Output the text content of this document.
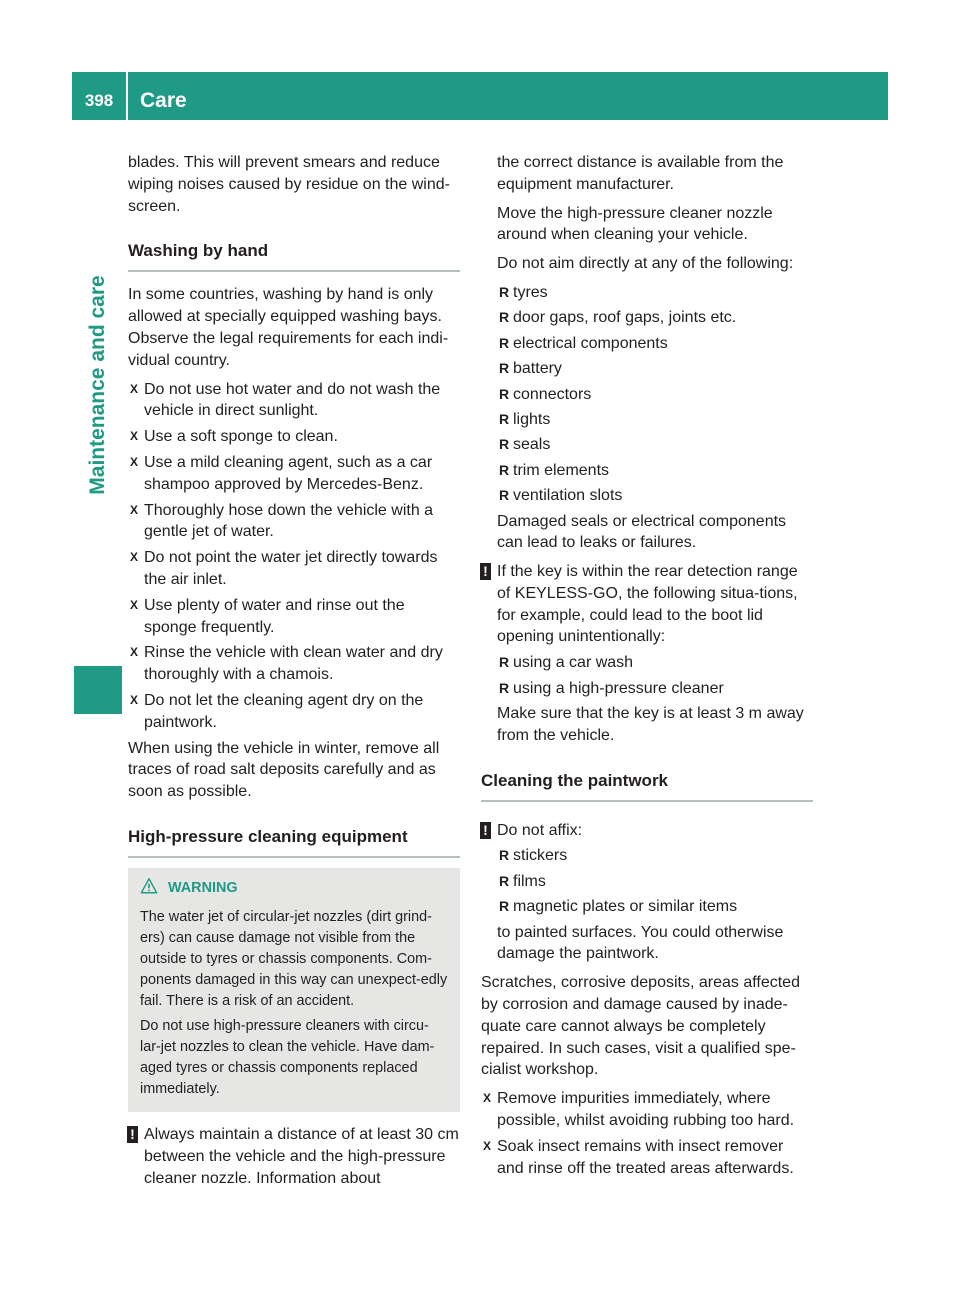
398	Care
Maintenance and care

blades. This will prevent smears and reduce wiping noises caused by residue on the wind-screen.

Washing by hand

In some countries, washing by hand is only allowed at specially equipped washing bays. Observe the legal requirements for each indi-vidual country.

X Do not use hot water and do not wash the vehicle in direct sunlight.
X Use a soft sponge to clean.
X Use a mild cleaning agent, such as a car shampoo approved by Mercedes-Benz.
X Thoroughly hose down the vehicle with a gentle jet of water.
X Do not point the water jet directly towards the air inlet.
X Use plenty of water and rinse out the sponge frequently.
X Rinse the vehicle with clean water and dry thoroughly with a chamois.
X Do not let the cleaning agent dry on the paintwork.

When using the vehicle in winter, remove all traces of road salt deposits carefully and as soon as possible.

High-pressure cleaning equipment
WARNING

The water jet of circular-jet nozzles (dirt grind-ers) can cause damage not visible from the outside to tyres or chassis components. Com-ponents damaged in this way can unexpect-edly fail. There is a risk of an accident.

Do not use high-pressure cleaners with circu-lar-jet nozzles to clean the vehicle. Have dam-aged tyres or chassis components replaced immediately.

! Always maintain a distance of at least 30 cm between the vehicle and the high-pressure cleaner nozzle. Information about

the correct distance is available from the equipment manufacturer.

Move the high-pressure cleaner nozzle around when cleaning your vehicle.

Do not aim directly at any of the following:

R tyres
R door gaps, roof gaps, joints etc.
R electrical components
R battery
R connectors
R lights
R seals
R trim elements
R ventilation slots

Damaged seals or electrical components can lead to leaks or failures.

! If the key is within the rear detection range of KEYLESS-GO, the following situa-tions, for example, could lead to the boot lid opening unintentionally:
R using a car wash
R using a high-pressure cleaner

Make sure that the key is at least 3 m away from the vehicle.

Cleaning the paintwork
! Do not affix:
R stickers
R films
R magnetic plates or similar items

to painted surfaces. You could otherwise damage the paintwork.

Scratches, corrosive deposits, areas affected by corrosion and damage caused by inade-quate care cannot always be completely repaired. In such cases, visit a qualified spe-cialist workshop.

X Remove impurities immediately, where possible, whilst avoiding rubbing too hard.
X Soak insect remains with insect remover and rinse off the treated areas afterwards.
